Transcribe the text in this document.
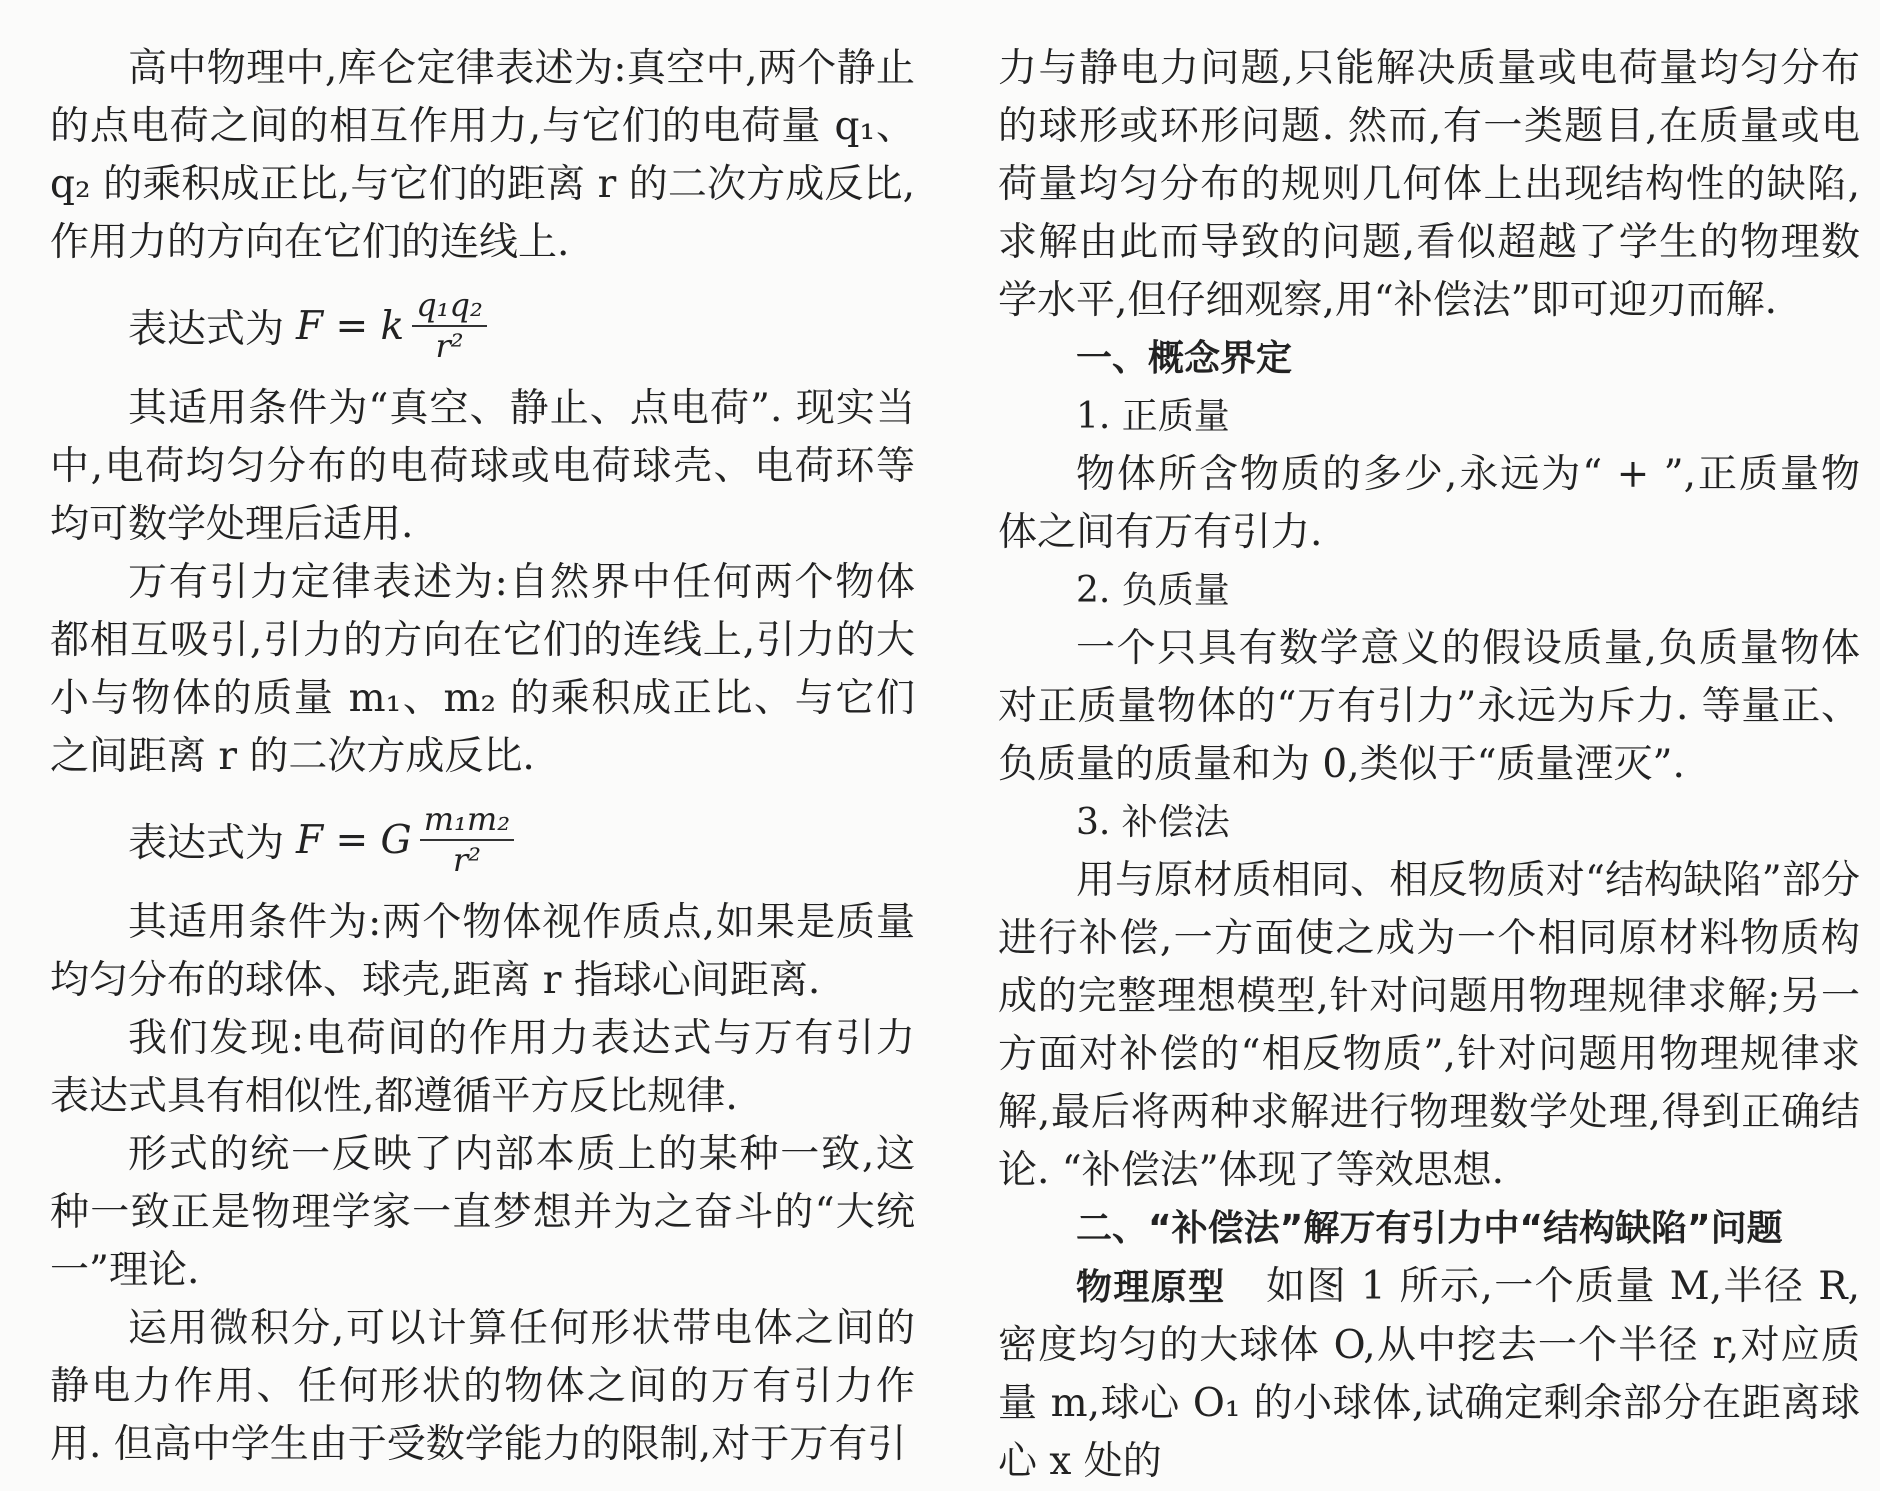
高中物理中,库仑定律表述为:真空中,两个静止的点电荷之间的相互作用力,与它们的电荷量 q₁、q₂ 的乘积成正比,与它们的距离 r 的二次方成反比,作用力的方向在它们的连线上.

表达式为 F = k $\frac{\text{q₁q₂}}{\text{r²}}$

其适用条件为“真空、静止、点电荷”. 现实当中,电荷均匀分布的电荷球或电荷球壳、电荷环等均可数学处理后适用.

万有引力定律表述为:自然界中任何两个物体都相互吸引,引力的方向在它们的连线上,引力的大小与物体的质量 m₁、m₂ 的乘积成正比、与它们之间距离 r 的二次方成反比.

表达式为 F = G $\frac{\text{m₁m₂}}{\text{r²}}$

其适用条件为:两个物体视作质点,如果是质量均匀分布的球体、球壳,距离 r 指球心间距离.

我们发现:电荷间的作用力表达式与万有引力表达式具有相似性,都遵循平方反比规律.

形式的统一反映了内部本质上的某种一致,这种一致正是物理学家一直梦想并为之奋斗的“大统一”理论.

运用微积分,可以计算任何形状带电体之间的静电力作用、任何形状的物体之间的万有引力作用. 但高中学生由于受数学能力的限制,对于万有引

力与静电力问题,只能解决质量或电荷量均匀分布的球形或环形问题. 然而,有一类题目,在质量或电荷量均匀分布的规则几何体上出现结构性的缺陷,求解由此而导致的问题,看似超越了学生的物理数学水平,但仔细观察,用“补偿法”即可迎刃而解.

一、概念界定

1. 正质量

物体所含物质的多少,永远为“ + ”,正质量物体之间有万有引力.

2. 负质量

一个只具有数学意义的假设质量,负质量物体对正质量物体的“万有引力”永远为斥力. 等量正、负质量的质量和为 0,类似于“质量湮灭”.

3. 补偿法

用与原材质相同、相反物质对“结构缺陷”部分进行补偿,一方面使之成为一个相同原材料物质构成的完整理想模型,针对问题用物理规律求解;另一方面对补偿的“相反物质”,针对问题用物理规律求解,最后将两种求解进行物理数学处理,得到正确结论. “补偿法”体现了等效思想.

二、“补偿法”解万有引力中“结构缺陷”问题

物理原型　 如图 1 所示,一个质量 M,半径 R,密度均匀的大球体 O,从中挖去一个半径 r,对应质量 m,球心 O₁ 的小球体,试确定剩余部分在距离球心 x 处的
